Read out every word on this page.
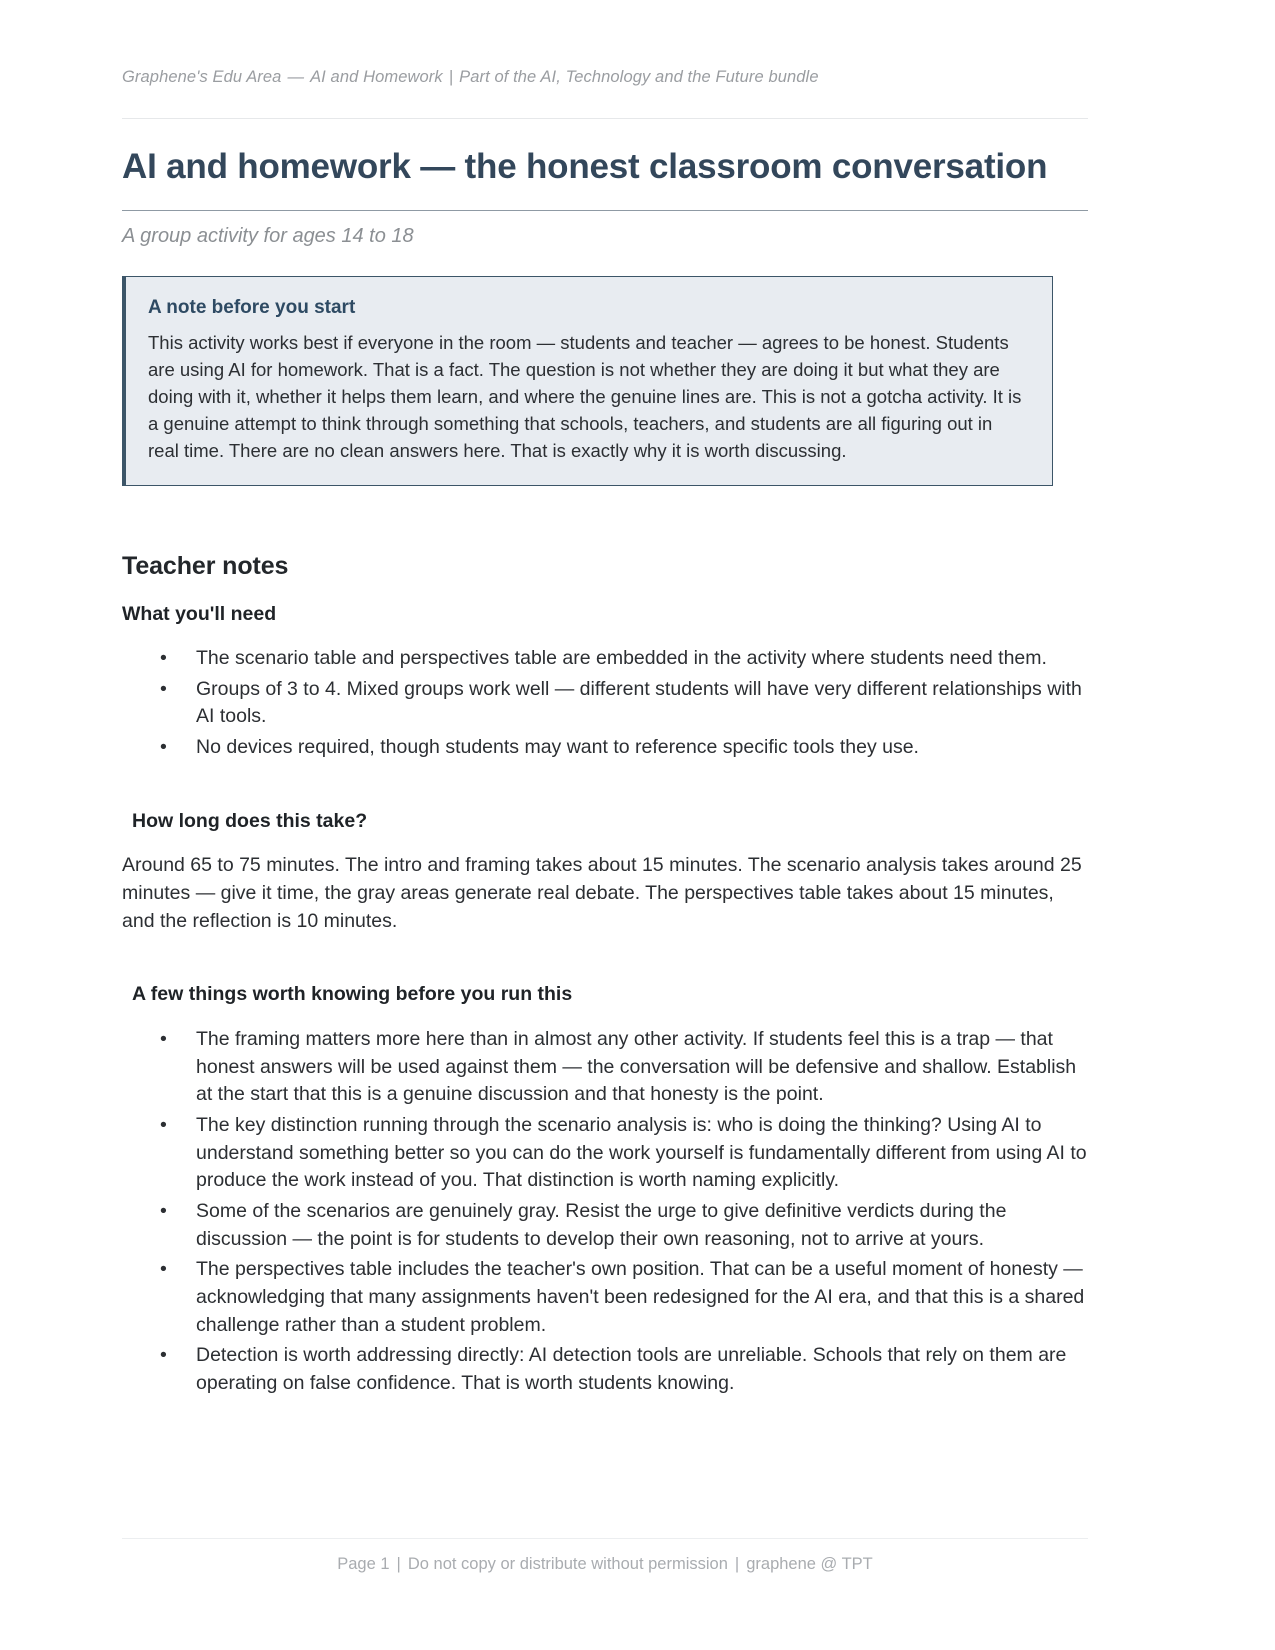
Graphene's Edu Area — AI and Homework | Part of the AI, Technology and the Future bundle
AI and homework — the honest classroom conversation
A group activity for ages 14 to 18
A note before you start
This activity works best if everyone in the room — students and teacher — agrees to be honest. Students are using AI for homework. That is a fact. The question is not whether they are doing it but what they are doing with it, whether it helps them learn, and where the genuine lines are. This is not a gotcha activity. It is a genuine attempt to think through something that schools, teachers, and students are all figuring out in real time. There are no clean answers here. That is exactly why it is worth discussing.
Teacher notes
What you'll need
• The scenario table and perspectives table are embedded in the activity where students need them.
• Groups of 3 to 4. Mixed groups work well — different students will have very different relationships with AI tools.
• No devices required, though students may want to reference specific tools they use.
How long does this take?

Around 65 to 75 minutes. The intro and framing takes about 15 minutes. The scenario analysis takes around 25 minutes — give it time, the gray areas generate real debate. The perspectives table takes about 15 minutes, and the reflection is 10 minutes.

A few things worth knowing before you run this
• The framing matters more here than in almost any other activity. If students feel this is a trap — that honest answers will be used against them — the conversation will be defensive and shallow. Establish at the start that this is a genuine discussion and that honesty is the point.
• The key distinction running through the scenario analysis is: who is doing the thinking? Using AI to understand something better so you can do the work yourself is fundamentally different from using AI to produce the work instead of you. That distinction is worth naming explicitly.
• Some of the scenarios are genuinely gray. Resist the urge to give definitive verdicts during the discussion — the point is for students to develop their own reasoning, not to arrive at yours.
• The perspectives table includes the teacher's own position. That can be a useful moment of honesty — acknowledging that many assignments haven't been redesigned for the AI era, and that this is a shared challenge rather than a student problem.
• Detection is worth addressing directly: AI detection tools are unreliable. Schools that rely on them are operating on false confidence. That is worth students knowing.
Page 1 | Do not copy or distribute without permission | graphene @ TPT
